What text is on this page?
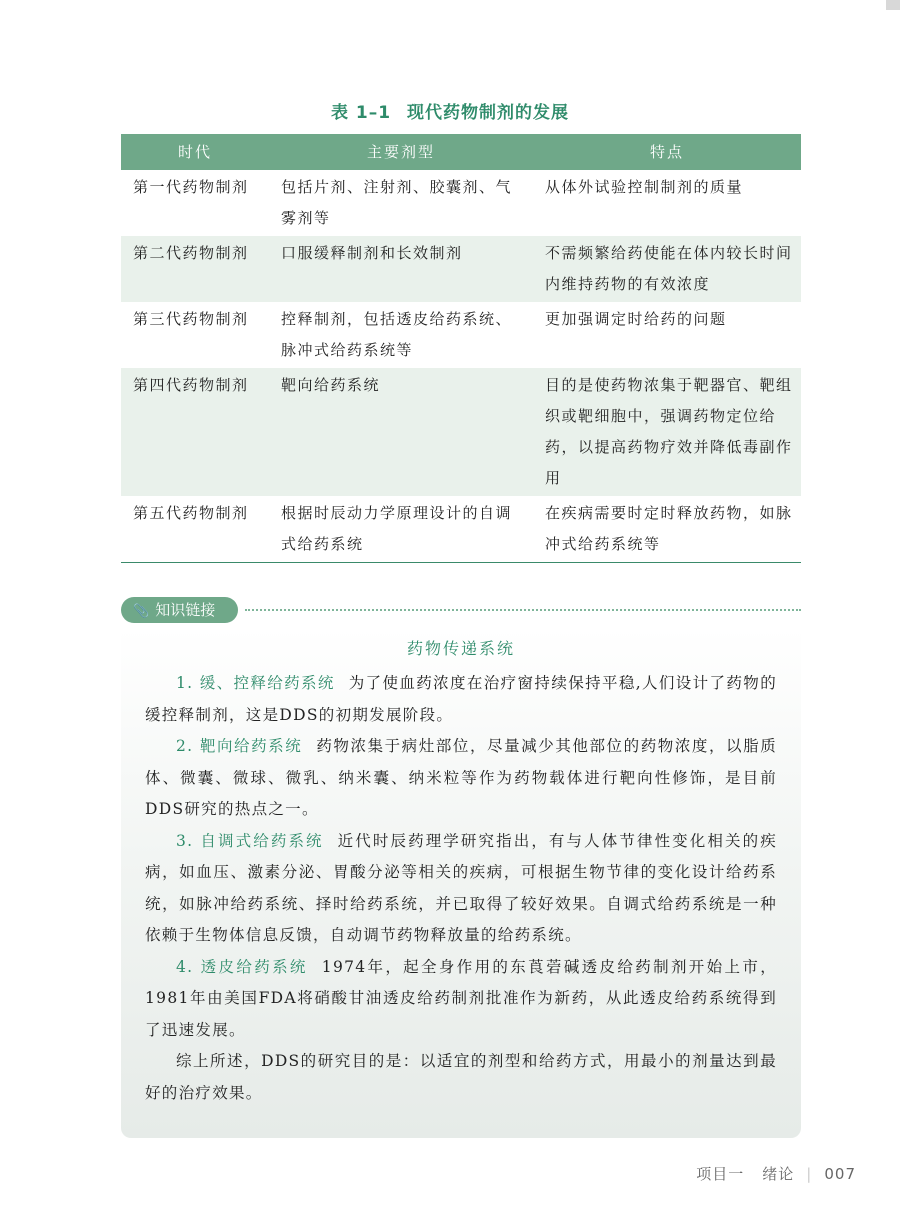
表 1–1 现代药物制剂的发展
时代	主要剂型	特点
第一代药物制剂	包括片剂、注射剂、胶囊剂、气雾剂等	从体外试验控制制剂的质量
第二代药物制剂	口服缓释制剂和长效制剂	不需频繁给药使能在体内较长时间内维持药物的有效浓度
第三代药物制剂	控释制剂，包括透皮给药系统、脉冲式给药系统等	更加强调定时给药的问题
第四代药物制剂	靶向给药系统	目的是使药物浓集于靶器官、靶组织或靶细胞中，强调药物定位给药，以提高药物疗效并降低毒副作用
第五代药物制剂	根据时辰动力学原理设计的自调式给药系统	在疾病需要时定时释放药物，如脉冲式给药系统等
📎 知识链接
药物传递系统

1. 缓、控释给药系统 为了使血药浓度在治疗窗持续保持平稳,人们设计了药物的缓控释制剂，这是DDS的初期发展阶段。

2. 靶向给药系统 药物浓集于病灶部位，尽量减少其他部位的药物浓度，以脂质体、微囊、微球、微乳、纳米囊、纳米粒等作为药物载体进行靶向性修饰，是目前DDS研究的热点之一。

3. 自调式给药系统 近代时辰药理学研究指出，有与人体节律性变化相关的疾病，如血压、激素分泌、胃酸分泌等相关的疾病，可根据生物节律的变化设计给药系统，如脉冲给药系统、择时给药系统，并已取得了较好效果。自调式给药系统是一种依赖于生物体信息反馈，自动调节药物释放量的给药系统。

4. 透皮给药系统 1974年，起全身作用的东莨菪碱透皮给药制剂开始上市，1981年由美国FDA将硝酸甘油透皮给药制剂批准作为新药，从此透皮给药系统得到了迅速发展。

综上所述，DDS的研究目的是：以适宜的剂型和给药方式，用最小的剂量达到最好的治疗效果。

项目一 绪论 | 007
